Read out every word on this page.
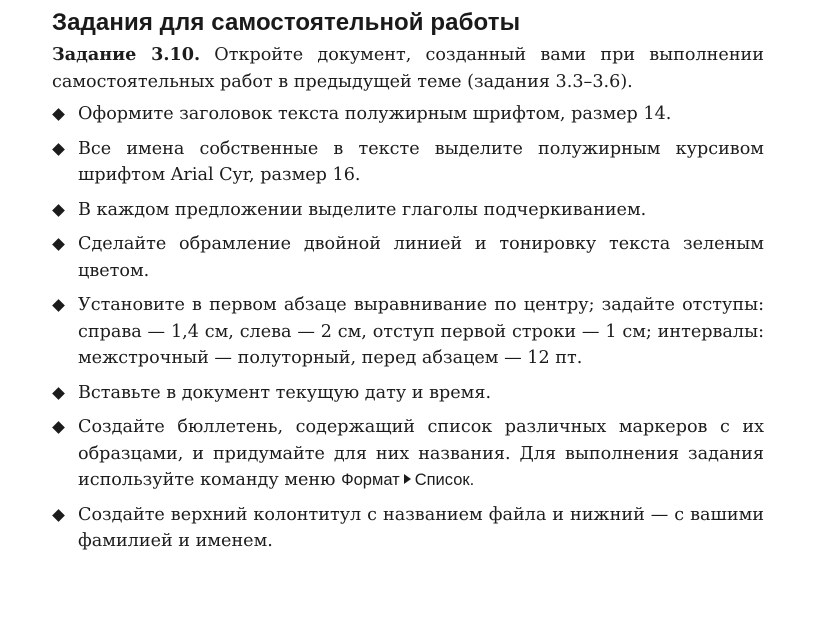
Задания для самостоятельной работы

Задание 3.10. Откройте документ, созданный вами при выполнении самостоятельных работ в предыдущей теме (задания 3.3–3.6).

Оформите заголовок текста полужирным шрифтом, размер 14.
Все имена собственные в тексте выделите полужирным курсивом шрифтом Arial Cyr, размер 16.
В каждом предложении выделите глаголы подчеркиванием.
Сделайте обрамление двойной линией и тонировку текста зеленым цветом.
Установите в первом абзаце выравнивание по центру; задайте отступы: справа — 1,4 см, слева — 2 см, отступ первой строки — 1 см; интервалы: межстрочный — полуторный, перед абзацем — 12 пт.
Вставьте в документ текущую дату и время.
Создайте бюллетень, содержащий список различных маркеров с их образцами, и придумайте для них названия. Для выполнения задания используйте команду меню Формат Список.
Создайте верхний колонтитул с названием файла и нижний — с вашими фамилией и именем.
